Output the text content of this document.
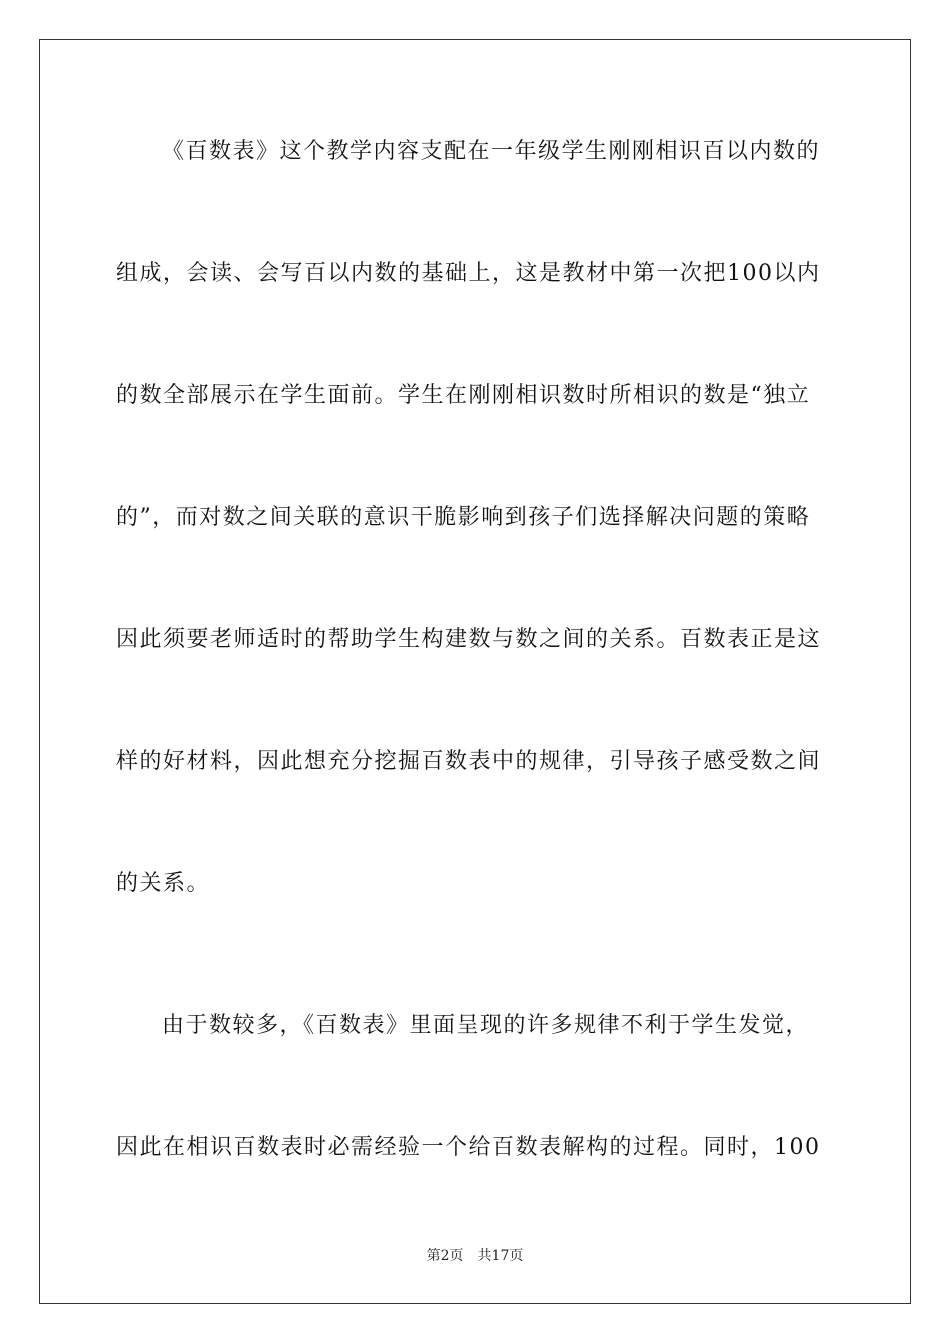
《百数表》这个教学内容支配在一年级学生刚刚相识百以内数的
组成，会读、会写百以内数的基础上，这是教材中第一次把100以内
的数全部展示在学生面前。学生在刚刚相识数时所相识的数是“独立
的”，而对数之间关联的意识干脆影响到孩子们选择解决问题的策略
因此须要老师适时的帮助学生构建数与数之间的关系。百数表正是这
样的好材料，因此想充分挖掘百数表中的规律，引导孩子感受数之间
的关系。
由于数较多，《百数表》里面呈现的许多规律不利于学生发觉，
因此在相识百数表时必需经验一个给百数表解构的过程。同时，100
第2页 共17页
